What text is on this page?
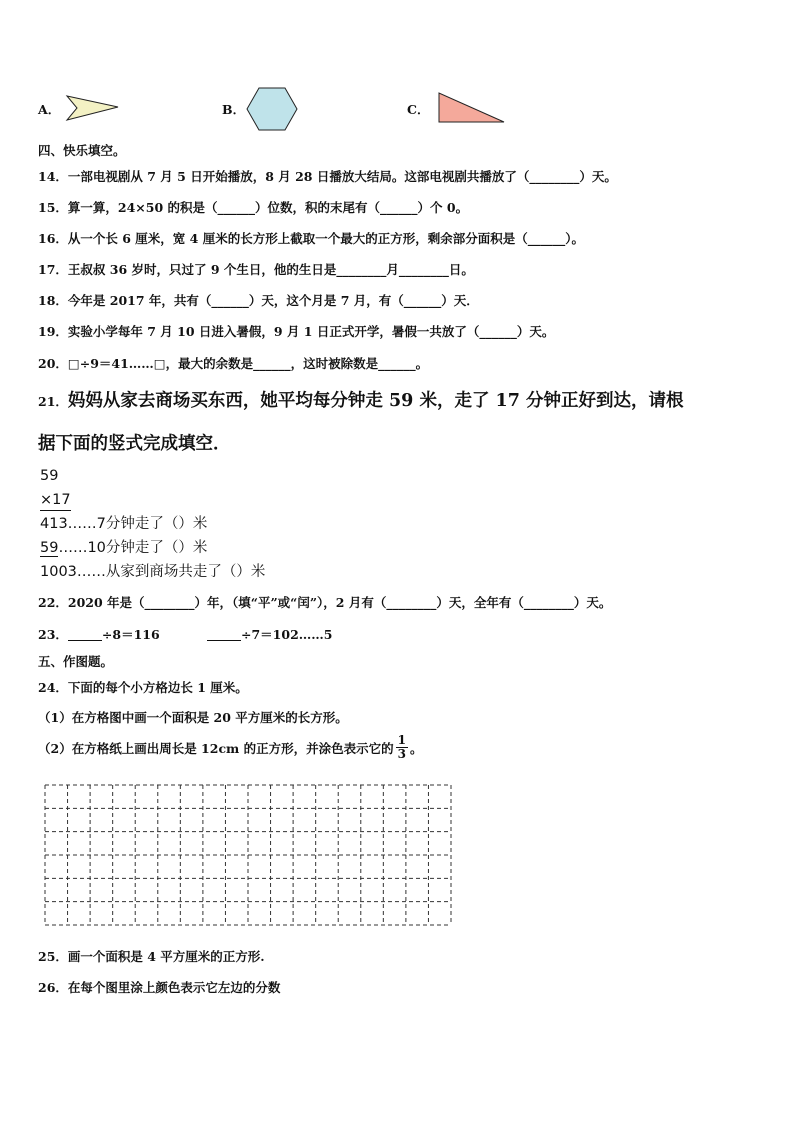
A．	B．	C．
四、快乐填空。
14．一部电视剧从 7 月 5 日开始播放，8 月 28 日播放大结局。这部电视剧共播放了（________）天。
15．算一算，24×50 的积是（______）位数，积的末尾有（______）个 0。
16．从一个长 6 厘米，宽 4 厘米的长方形上截取一个最大的正方形，剩余部分面积是（______）。
17．王叔叔 36 岁时，只过了 9 个生日，他的生日是________月________日。
18．今年是 2017 年，共有（______）天，这个月是 7 月，有（______）天．
19．实验小学每年 7 月 10 日进入暑假，9 月 1 日正式开学，暑假一共放了（______）天。
20．□÷9＝41……□，最大的余数是______，这时被除数是______。
21．妈妈从家去商场买东西，她平均每分钟走 59 米，走了 17 分钟正好到达，请根
据下面的竖式完成填空．
59
×17
413……7分钟走了（）米
59……10分钟走了（）米
1003……从家到商场共走了（）米
22．2020 年是（________）年，（填“平”或“闰”），2 月有（________）天，全年有（________）天。
23．	÷8＝116	÷7＝102……5
五、作图题。
24．下面的每个小方格边长 1 厘米。
（1）在方格图中画一个面积是 20 平方厘米的长方形。
（2）在方格纸上画出周长是 12cm 的正方形，并涂色表示它的 $\frac{1}{3}$ 。
25．画一个面积是 4 平方厘米的正方形.
26．在每个图里涂上颜色表示它左边的分数
